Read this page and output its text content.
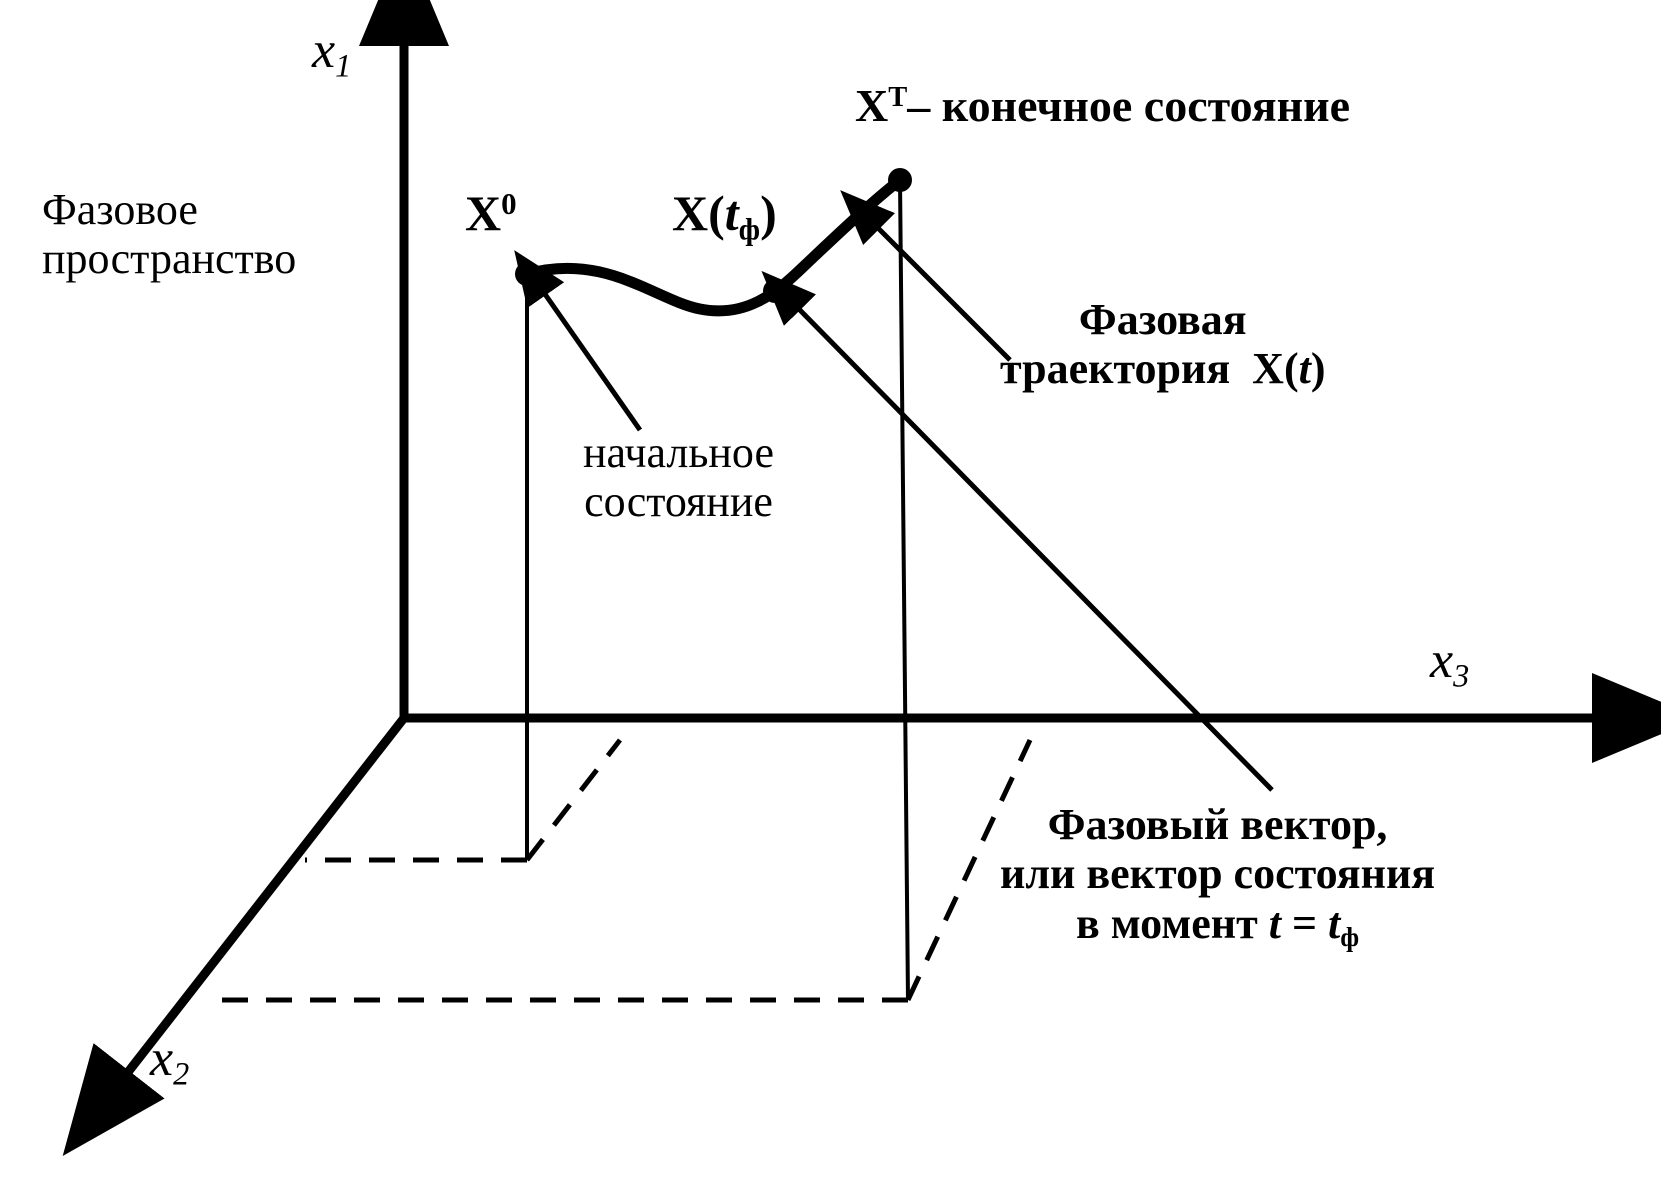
$x_1$
$x_2$
$x_3$
Фазовое
пространство
$X^0$	$X(t_ф)$
$X^T-$ конечное состояние
начальное
состояние
Фазовая
траектория X(t)
Фазовый вектор,
или вектор состояния
в момент $t = t_ф$
